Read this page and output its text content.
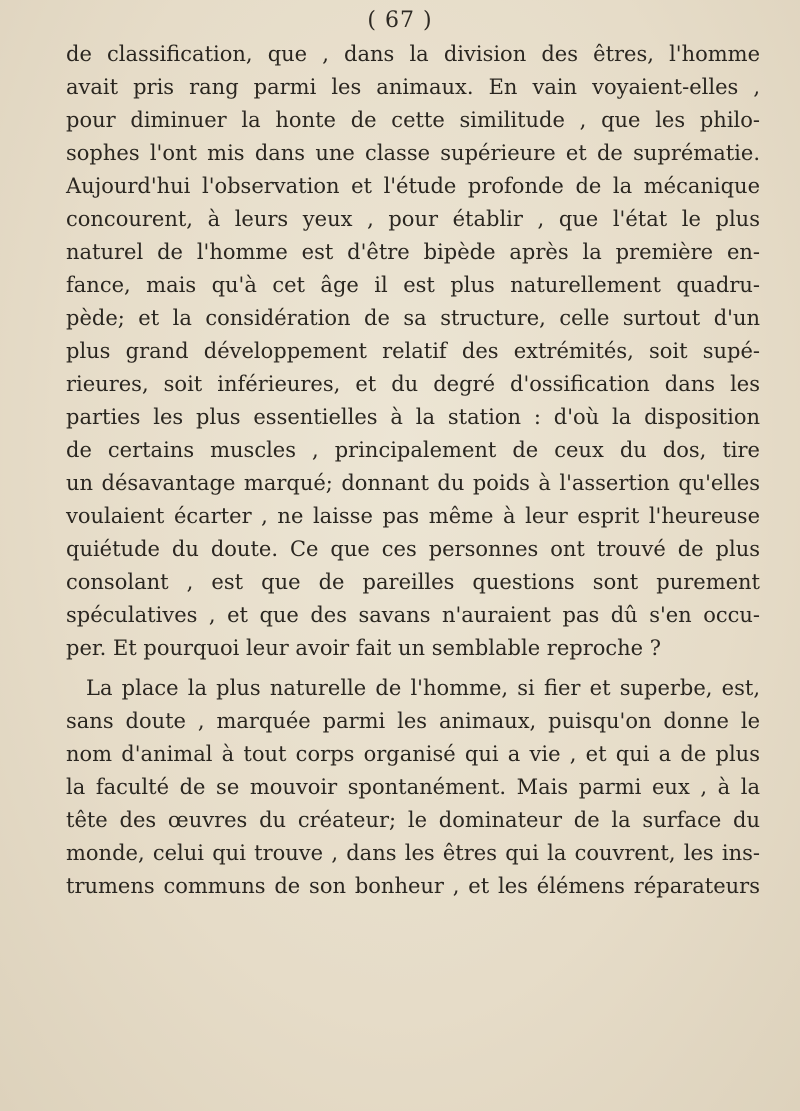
( 67 )
de classification, que , dans la division des êtres, l'homme
avait pris rang parmi les animaux. En vain voyaient-elles ,
pour diminuer la honte de cette similitude , que les philo-
sophes l'ont mis dans une classe supérieure et de suprématie.
Aujourd'hui l'observation et l'étude profonde de la mécanique
concourent, à leurs yeux , pour établir , que l'état le plus
naturel de l'homme est d'être bipède après la première en-
fance, mais qu'à cet âge il est plus naturellement quadru-
pède; et la considération de sa structure, celle surtout d'un
plus grand développement relatif des extrémités, soit supé-
rieures, soit inférieures, et du degré d'ossification dans les
parties les plus essentielles à la station : d'où la disposition
de certains muscles , principalement de ceux du dos, tire
un désavantage marqué; donnant du poids à l'assertion qu'elles
voulaient écarter , ne laisse pas même à leur esprit l'heureuse
quiétude du doute. Ce que ces personnes ont trouvé de plus
consolant , est que de pareilles questions sont purement
spéculatives , et que des savans n'auraient pas dû s'en occu-
per. Et pourquoi leur avoir fait un semblable reproche ?
La place la plus naturelle de l'homme, si fier et superbe, est,
sans doute , marquée parmi les animaux, puisqu'on donne le
nom d'animal à tout corps organisé qui a vie , et qui a de plus
la faculté de se mouvoir spontanément. Mais parmi eux , à la
tête des œuvres du créateur; le dominateur de la surface du
monde, celui qui trouve , dans les êtres qui la couvrent, les ins-
trumens communs de son bonheur , et les élémens réparateurs
